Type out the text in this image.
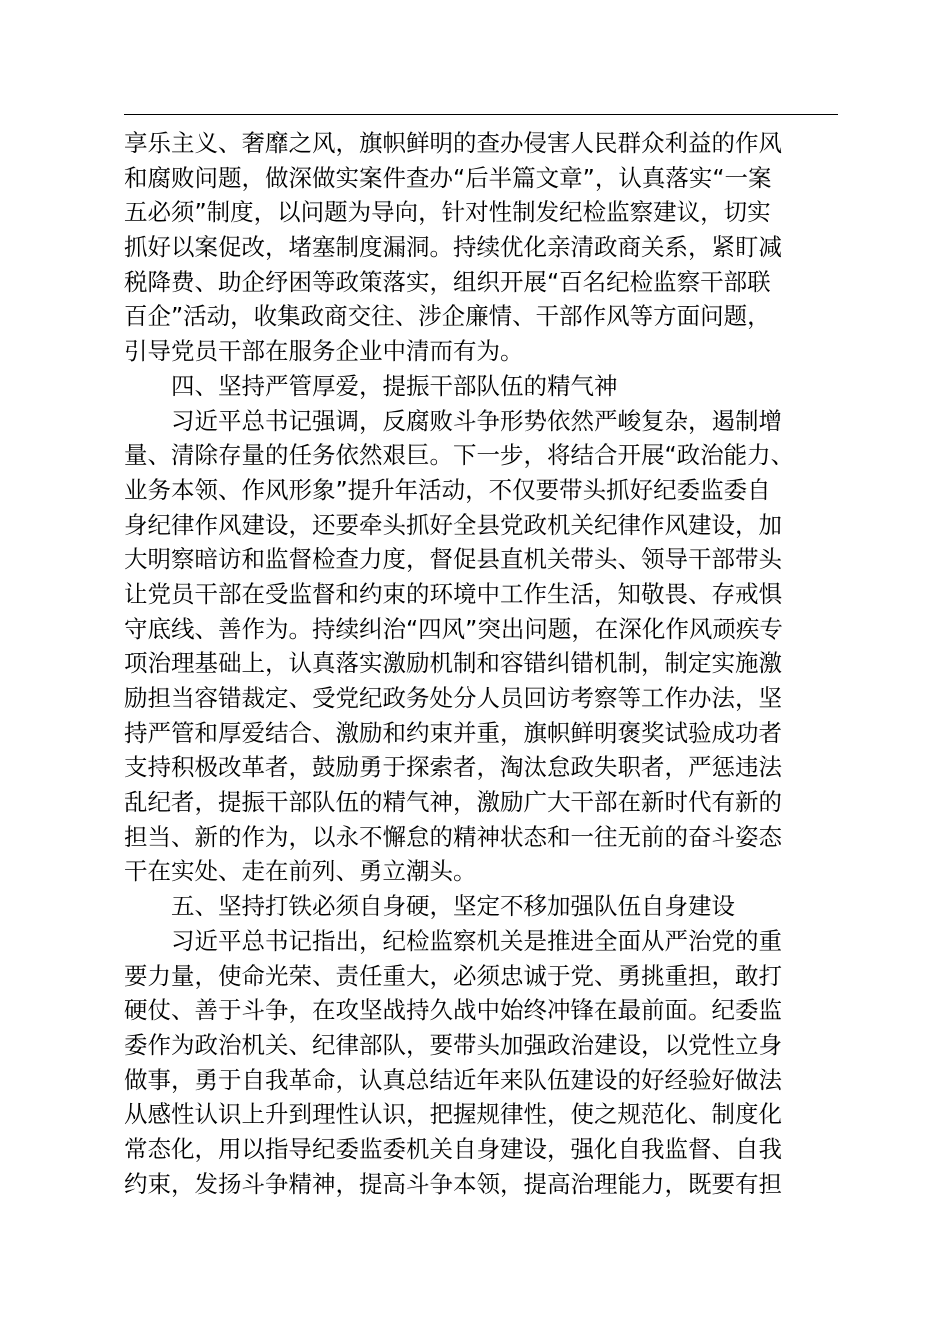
享乐主义、奢靡之风，旗帜鲜明的查办侵害人民群众利益的作风
和腐败问题，做深做实案件查办“后半篇文章”，认真落实“一案
五必须”制度，以问题为导向，针对性制发纪检监察建议，切实
抓好以案促改，堵塞制度漏洞。持续优化亲清政商关系，紧盯减
税降费、助企纾困等政策落实，组织开展“百名纪检监察干部联
百企”活动，收集政商交往、涉企廉情、干部作风等方面问题，
引导党员干部在服务企业中清而有为。
四、坚持严管厚爱，提振干部队伍的精气神
习近平总书记强调，反腐败斗争形势依然严峻复杂，遏制增
量、清除存量的任务依然艰巨。下一步，将结合开展“政治能力、
业务本领、作风形象”提升年活动，不仅要带头抓好纪委监委自
身纪律作风建设，还要牵头抓好全县党政机关纪律作风建设，加
大明察暗访和监督检查力度，督促县直机关带头、领导干部带头
让党员干部在受监督和约束的环境中工作生活，知敬畏、存戒惧
守底线、善作为。持续纠治“四风”突出问题，在深化作风顽疾专
项治理基础上，认真落实激励机制和容错纠错机制，制定实施激
励担当容错裁定、受党纪政务处分人员回访考察等工作办法，坚
持严管和厚爱结合、激励和约束并重，旗帜鲜明褒奖试验成功者
支持积极改革者，鼓励勇于探索者，淘汰怠政失职者，严惩违法
乱纪者，提振干部队伍的精气神，激励广大干部在新时代有新的
担当、新的作为，以永不懈怠的精神状态和一往无前的奋斗姿态
干在实处、走在前列、勇立潮头。
五、坚持打铁必须自身硬，坚定不移加强队伍自身建设
习近平总书记指出，纪检监察机关是推进全面从严治党的重
要力量，使命光荣、责任重大，必须忠诚于党、勇挑重担，敢打
硬仗、善于斗争，在攻坚战持久战中始终冲锋在最前面。纪委监
委作为政治机关、纪律部队，要带头加强政治建设，以党性立身
做事，勇于自我革命，认真总结近年来队伍建设的好经验好做法
从感性认识上升到理性认识，把握规律性，使之规范化、制度化
常态化，用以指导纪委监委机关自身建设，强化自我监督、自我
约束，发扬斗争精神，提高斗争本领，提高治理能力，既要有担
